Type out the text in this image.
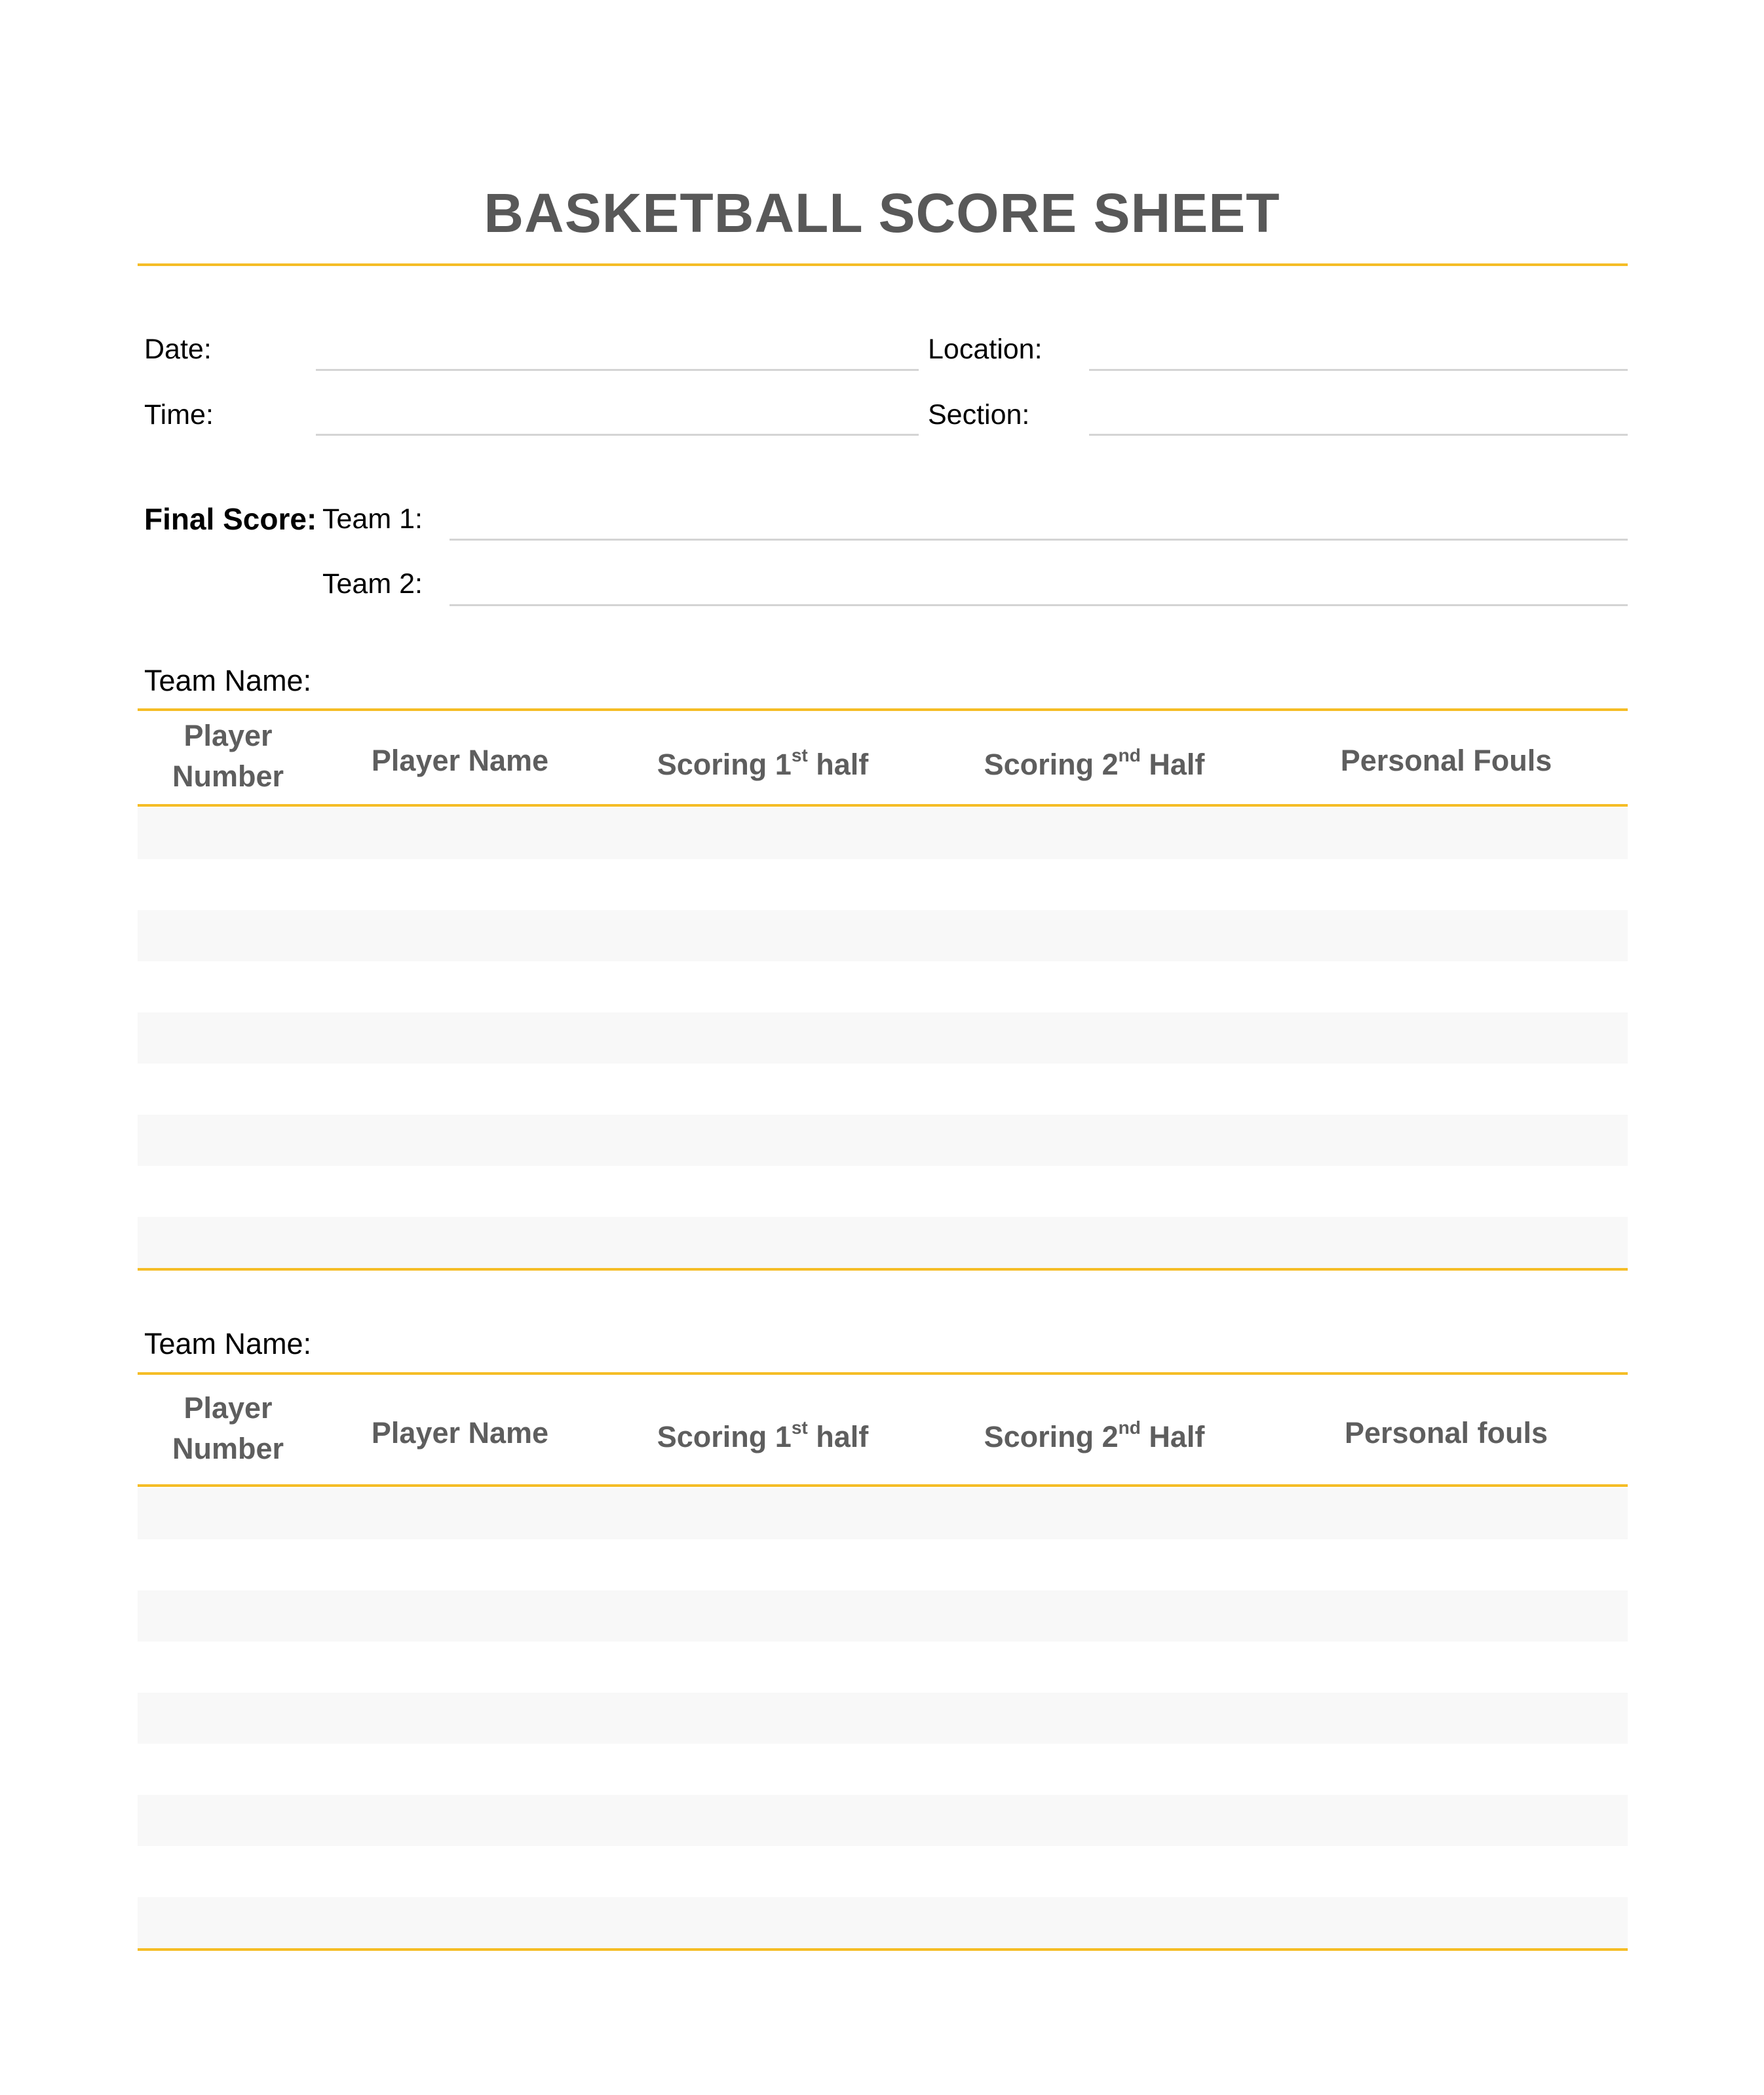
BASKETBALL SCORE SHEET
Date:	Location:
Time:	Section:
Final Score: Team 1:
Team 2:
Team Name:
Player
Number	Player Name	Scoring 1st half	Scoring 2nd Half	Personal Fouls
Team Name:
Player
Number	Player Name	Scoring 1st half	Scoring 2nd Half	Personal fouls
